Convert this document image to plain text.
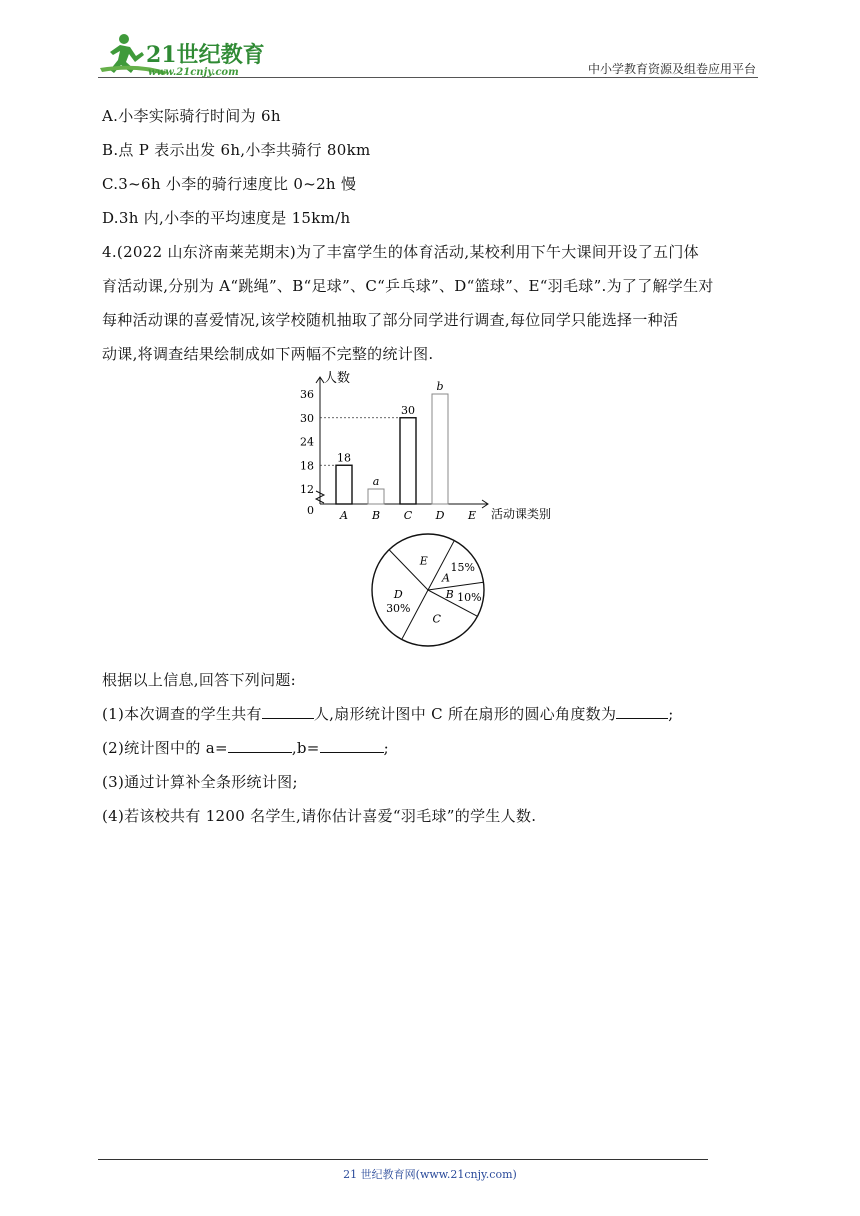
21世纪教育
www.21cnjy.com	中小学教育资源及组卷应用平台
A.小李实际骑行时间为 6h
B.点 P 表示出发 6h,小李共骑行 80km
C.3~6h 小李的骑行速度比 0~2h 慢
D.3h 内,小李的平均速度是 15km/h
4.(2022 山东济南莱芜期末)为了丰富学生的体育活动,某校利用下午大课间开设了五门体
育活动课,分别为 A“跳绳”、B“足球”、C“乒乓球”、D“篮球”、E“羽毛球”.为了了解学生对
每种活动课的喜爱情况,该学校随机抽取了部分同学进行调查,每位同学只能选择一种活
动课,将调查结果绘制成如下两幅不完整的统计图.
人数
活动课类别
0
12
18
24
30
36
A
18
B
a
C
30
D
b
E
A
15%
B 10%
C
D
30%
E
根据以上信息,回答下列问题:
(1)本次调查的学生共有	人,扇形统计图中 C 所在扇形的圆心角度数为	;
(2)统计图中的 a=	,b=	;
(3)通过计算补全条形统计图;
(4)若该校共有 1200 名学生,请你估计喜爱“羽毛球”的学生人数.
21 世纪教育网(www.21cnjy.com)
